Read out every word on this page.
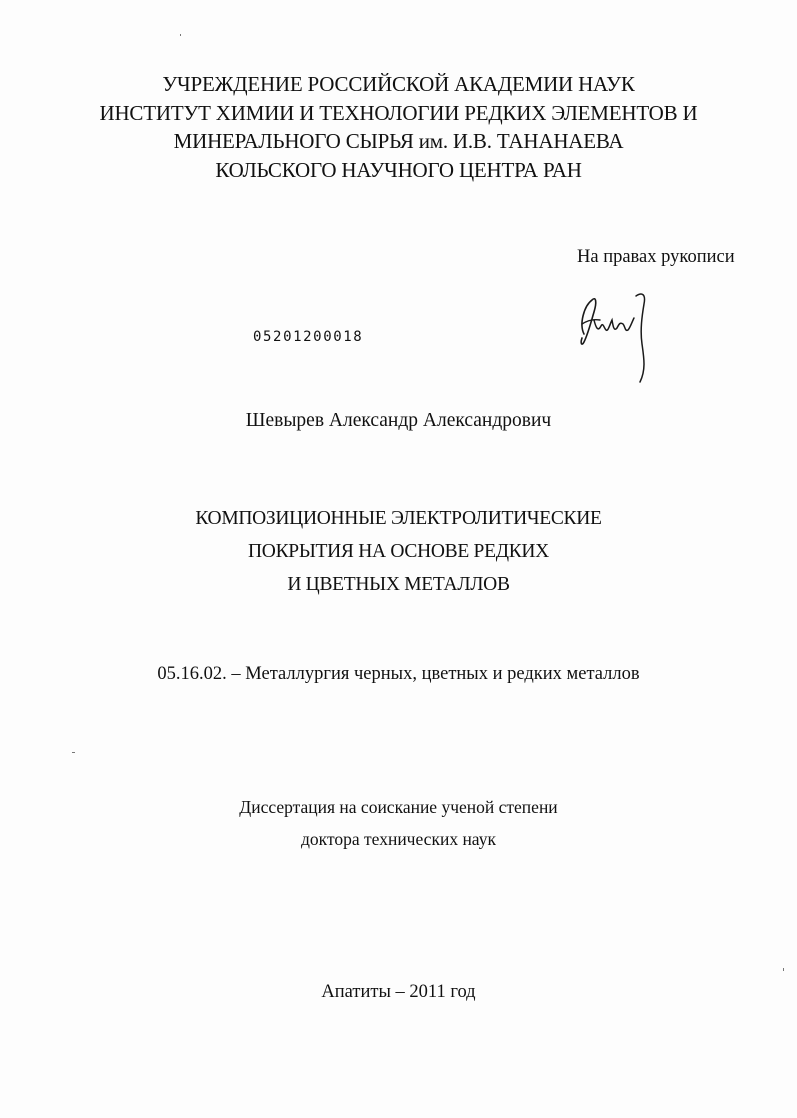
УЧРЕЖДЕНИЕ РОССИЙСКОЙ АКАДЕМИИ НАУК
ИНСТИТУТ ХИМИИ И ТЕХНОЛОГИИ РЕДКИХ ЭЛЕМЕНТОВ И
МИНЕРАЛЬНОГО СЫРЬЯ им. И.В. ТАНАНАЕВА
КОЛЬСКОГО НАУЧНОГО ЦЕНТРА РАН
На правах рукописи
05201200018
Шевырев Александр Александрович
КОМПОЗИЦИОННЫЕ ЭЛЕКТРОЛИТИЧЕСКИЕ
ПОКРЫТИЯ НА ОСНОВЕ РЕДКИХ
И ЦВЕТНЫХ МЕТАЛЛОВ
05.16.02. – Металлургия черных, цветных и редких металлов
Диссертация на соискание ученой степени
доктора технических наук
Апатиты – 2011 год
